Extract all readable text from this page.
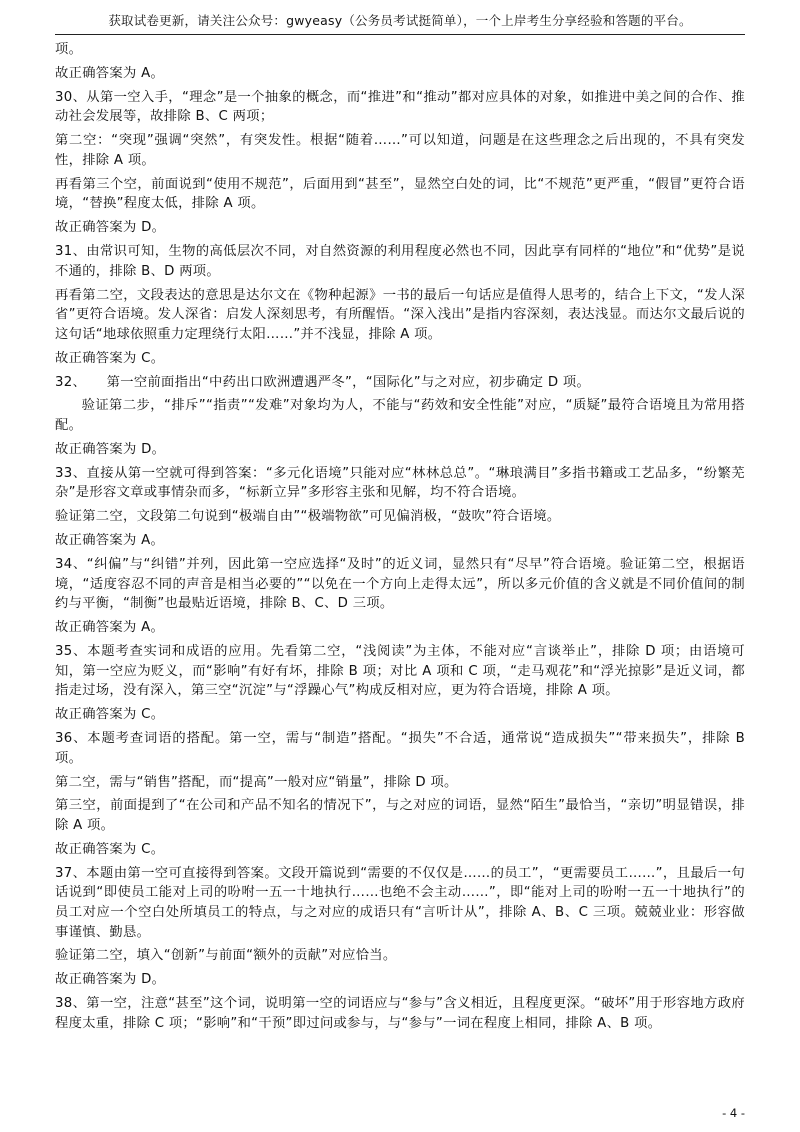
获取试卷更新，请关注公众号：gwyeasy（公务员考试挺简单），一个上岸考生分享经验和答题的平台。

项。

故正确答案为 A。

30、从第一空入手，“理念”是一个抽象的概念，而“推进”和“推动”都对应具体的对象，如推进中美之间的合作、推动社会发展等，故排除 B、C 两项；

第二空：“突现”强调“突然”，有突发性。根据“随着……”可以知道，问题是在这些理念之后出现的，不具有突发性，排除 A 项。

再看第三个空，前面说到“使用不规范”，后面用到“甚至”，显然空白处的词，比“不规范”更严重，“假冒”更符合语境，“替换”程度太低，排除 A 项。

故正确答案为 D。

31、由常识可知，生物的高低层次不同，对自然资源的利用程度必然也不同，因此享有同样的“地位”和“优势”是说不通的，排除 B、D 两项。

再看第二空，文段表达的意思是达尔文在《物种起源》一书的最后一句话应是值得人思考的，结合上下文，“发人深省”更符合语境。发人深省：启发人深刻思考，有所醒悟。“深入浅出”是指内容深刻，表达浅显。而达尔文最后说的这句话“地球依照重力定理绕行太阳……”并不浅显，排除 A 项。

故正确答案为 C。

32、　　第一空前面指出“中药出口欧洲遭遇严冬”，“国际化”与之对应，初步确定 D 项。

验证第二步，“排斥”“指责”“发难”对象均为人，不能与“药效和安全性能”对应，“质疑”最符合语境且为常用搭配。

故正确答案为 D。

33、直接从第一空就可得到答案：“多元化语境”只能对应“林林总总”。“琳琅满目”多指书籍或工艺品多，“纷繁芜杂”是形容文章或事情杂而多，“标新立异”多形容主张和见解，均不符合语境。

验证第二空，文段第二句说到“极端自由”“极端物欲”可见偏消极，“鼓吹”符合语境。

故正确答案为 A。

34、“纠偏”与“纠错”并列，因此第一空应选择“及时”的近义词，显然只有“尽早”符合语境。验证第二空，根据语境，“适度容忍不同的声音是相当必要的”“以免在一个方向上走得太远”，所以多元价值的含义就是不同价值间的制约与平衡，“制衡”也最贴近语境，排除 B、C、D 三项。

故正确答案为 A。

35、本题考查实词和成语的应用。先看第二空，“浅阅读”为主体，不能对应“言谈举止”，排除 D 项；由语境可知，第一空应为贬义，而“影响”有好有坏，排除 B 项；对比 A 项和 C 项，“走马观花”和“浮光掠影”是近义词，都指走过场，没有深入，第三空“沉淀”与“浮躁心气”构成反相对应，更为符合语境，排除 A 项。

故正确答案为 C。

36、本题考查词语的搭配。第一空，需与“制造”搭配。“损失”不合适，通常说“造成损失”“带来损失”，排除 B 项。

第二空，需与“销售”搭配，而“提高”一般对应“销量”，排除 D 项。

第三空，前面提到了“在公司和产品不知名的情况下”，与之对应的词语，显然“陌生”最恰当，“亲切”明显错误，排除 A 项。

故正确答案为 C。

37、本题由第一空可直接得到答案。文段开篇说到“需要的不仅仅是……的员工”，“更需要员工……”，且最后一句话说到“即使员工能对上司的吩咐一五一十地执行……也绝不会主动……”，即“能对上司的吩咐一五一十地执行”的员工对应一个空白处所填员工的特点，与之对应的成语只有“言听计从”，排除 A、B、C 三项。兢兢业业：形容做事谨慎、勤恳。

验证第二空，填入“创新”与前面“额外的贡献”对应恰当。

故正确答案为 D。

38、第一空，注意“甚至”这个词，说明第一空的词语应与“参与”含义相近，且程度更深。“破坏”用于形容地方政府程度太重，排除 C 项；“影响”和“干预”即过问或参与，与“参与”一词在程度上相同，排除 A、B 项。

- 4 -
